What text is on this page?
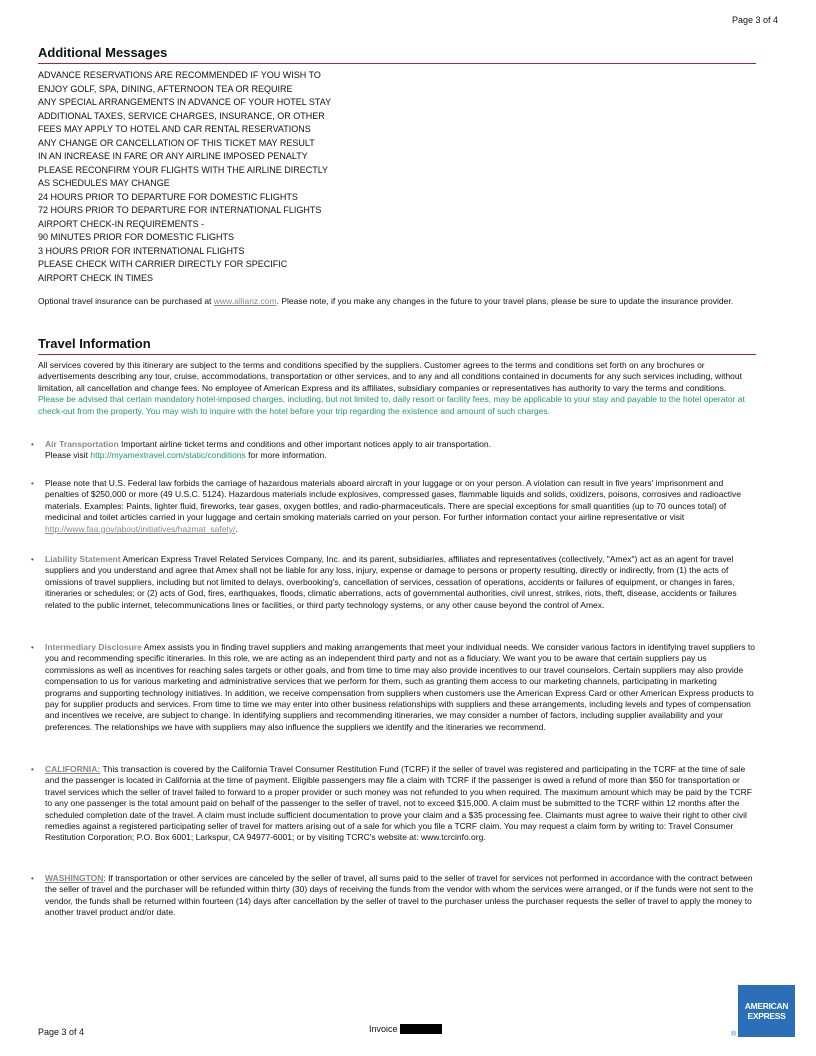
Page 3 of 4
Additional Messages
ADVANCE RESERVATIONS ARE RECOMMENDED IF YOU WISH TO
ENJOY GOLF, SPA, DINING, AFTERNOON TEA OR REQUIRE
ANY SPECIAL ARRANGEMENTS IN ADVANCE OF YOUR HOTEL STAY
ADDITIONAL TAXES, SERVICE CHARGES, INSURANCE, OR OTHER
FEES MAY APPLY TO HOTEL AND CAR RENTAL RESERVATIONS
ANY CHANGE OR CANCELLATION OF THIS TICKET MAY RESULT
IN AN INCREASE IN FARE OR ANY AIRLINE IMPOSED PENALTY
PLEASE RECONFIRM YOUR FLIGHTS WITH THE AIRLINE DIRECTLY
AS SCHEDULES MAY CHANGE
24 HOURS PRIOR TO DEPARTURE FOR DOMESTIC FLIGHTS
72 HOURS PRIOR TO DEPARTURE FOR INTERNATIONAL FLIGHTS
AIRPORT CHECK-IN REQUIREMENTS -
90 MINUTES PRIOR FOR DOMESTIC FLIGHTS
3 HOURS PRIOR FOR INTERNATIONAL FLIGHTS
PLEASE CHECK WITH CARRIER DIRECTLY FOR SPECIFIC
AIRPORT CHECK IN TIMES
Optional travel insurance can be purchased at www.allianz.com. Please note, if you make any changes in the future to your travel plans, please be sure to update the insurance provider.
Travel Information
All services covered by this itinerary are subject to the terms and conditions specified by the suppliers. Customer agrees to the terms and conditions set forth on any brochures or advertisements describing any tour, cruise, accommodations, transportation or other services, and to any and all conditions contained in documents for any such services including, without limitation, all cancellation and change fees. No employee of American Express and its affiliates, subsidiary companies or representatives has authority to vary the terms and conditions. Please be advised that certain mandatory hotel-imposed charges, including, but not limited to, daily resort or facility fees, may be applicable to your stay and payable to the hotel operator at check-out from the property. You may wish to inquire with the hotel before your trip regarding the existence and amount of such charges.
• Air Transportation Important airline ticket terms and conditions and other important notices apply to air transportation.
Please visit http://myamextravel.com/static/conditions for more information.
• Please note that U.S. Federal law forbids the carriage of hazardous materials aboard aircraft in your luggage or on your person. A violation can result in five years' imprisonment and penalties of $250,000 or more (49 U.S.C. 5124). Hazardous materials include explosives, compressed gases, flammable liquids and solids, oxidizers, poisons, corrosives and radioactive materials. Examples: Paints, lighter fluid, fireworks, tear gases, oxygen bottles, and radio-pharmaceuticals. There are special exceptions for small quantities (up to 70 ounces total) of medicinal and toilet articles carried in your luggage and certain smoking materials carried on your person. For further information contact your airline representative or visit http://www.faa.gov/about/initiatives/hazmat_safety/.
• Liability Statement American Express Travel Related Services Company, Inc. and its parent, subsidiaries, affiliates and representatives (collectively, "Amex") act as an agent for travel suppliers and you understand and agree that Amex shall not be liable for any loss, injury, expense or damage to persons or property resulting, directly or indirectly, from (1) the acts of omissions of travel suppliers, including but not limited to delays, overbooking's, cancellation of services, cessation of operations, accidents or failures of equipment, or changes in fares, itineraries or schedules; or (2) acts of God, fires, earthquakes, floods, climatic aberrations, acts of governmental authorities, civil unrest, strikes, riots, theft, disease, accidents or failures related to the public internet, telecommunications lines or facilities, or third party technology systems, or any other cause beyond the control of Amex.
• Intermediary Disclosure Amex assists you in finding travel suppliers and making arrangements that meet your individual needs. We consider various factors in identifying travel suppliers to you and recommending specific itineraries. In this role, we are acting as an independent third party and not as a fiduciary. We want you to be aware that certain suppliers pay us commissions as well as incentives for reaching sales targets or other goals, and from time to time may also provide incentives to our travel counselors. Certain suppliers may also provide compensation to us for various marketing and administrative services that we perform for them, such as granting them access to our marketing channels, participating in marketing programs and supporting technology initiatives. In addition, we receive compensation from suppliers when customers use the American Express Card or other American Express products to pay for supplier products and services. From time to time we may enter into other business relationships with suppliers and these arrangements, including levels and types of compensation and incentives we receive, are subject to change. In identifying suppliers and recommending itineraries, we may consider a number of factors, including supplier availability and your preferences. The relationships we have with suppliers may also influence the suppliers we identify and the itineraries we recommend.
• CALIFORNIA: This transaction is covered by the California Travel Consumer Restitution Fund (TCRF) if the seller of travel was registered and participating in the TCRF at the time of sale and the passenger is located in California at the time of payment. Eligible passengers may file a claim with TCRF if the passenger is owed a refund of more than $50 for transportation or travel services which the seller of travel failed to forward to a proper provider or such money was not refunded to you when required. The maximum amount which may be paid by the TCRF to any one passenger is the total amount paid on behalf of the passenger to the seller of travel, not to exceed $15,000. A claim must be submitted to the TCRF within 12 months after the scheduled completion date of the travel. A claim must include sufficient documentation to prove your claim and a $35 processing fee. Claimants must agree to waive their right to other civil remedies against a registered participating seller of travel for matters arising out of a sale for which you file a TCRF claim. You may request a claim form by writing to: Travel Consumer Restitution Corporation; P.O. Box 6001; Larkspur, CA 94977-6001; or by visiting TCRC's website at: www.tcrcinfo.org.
• WASHINGTON: If transportation or other services are canceled by the seller of travel, all sums paid to the seller of travel for services not performed in accordance with the contract between the seller of travel and the purchaser will be refunded within thirty (30) days of receiving the funds from the vendor with whom the services were arranged, or if the funds were not sent to the vendor, the funds shall be returned within fourteen (14) days after cancellation by the seller of travel to the purchaser unless the purchaser requests the seller of travel to apply the money to another travel product and/or date.
Page 3 of 4	Invoice
AMERICAN
EXPRESS
®
